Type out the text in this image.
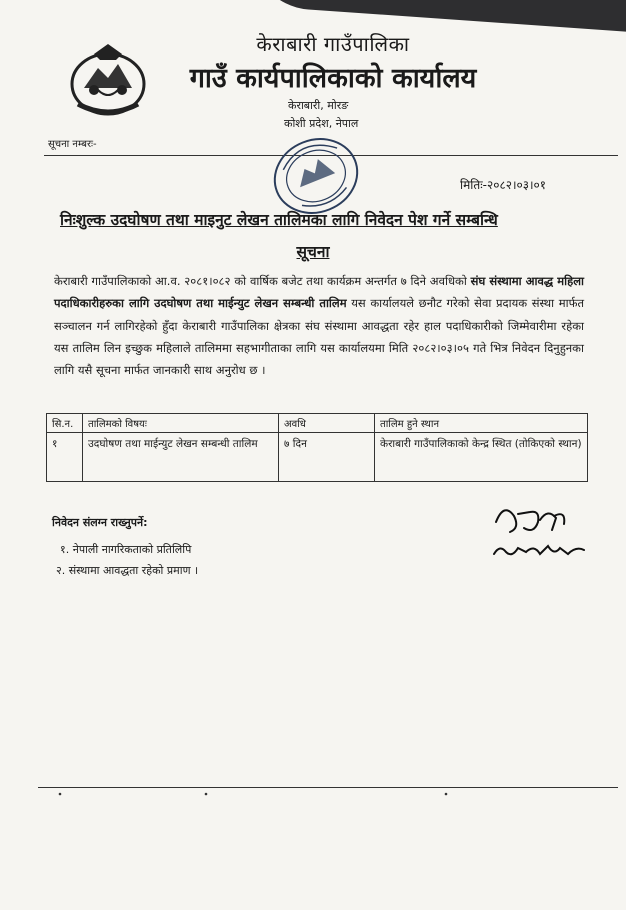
केराबारी गाउँपालिका
गाउँ कार्यपालिकाको कार्यालय
केराबारी, मोरङ
कोशी प्रदेश, नेपाल
सूचना नम्बरः-
मितिः-२०८२।०३।०१
निःशुल्क उदघोषण तथा माइनुट लेखन तालिमका लागि निवेदन पेश गर्ने सम्बन्धि
सूचना
केराबारी गाउँपालिकाको आ.व. २०८१।०८२ को वार्षिक बजेट तथा कार्यक्रम अन्तर्गत ७ दिने अवधिको संघ संस्थामा आवद्ध महिला पदाधिकारीहरुका लागि उदघोषण तथा माईन्युट लेखन सम्बन्धी तालिम यस कार्यालयले छनौट गरेको सेवा प्रदायक संस्था मार्फत सञ्चालन गर्न लागिरहेको हुँदा केराबारी गाउँपालिका क्षेत्रका संघ संस्थामा आवद्धता रहेर हाल पदाधिकारीको जिम्मेवारीमा रहेका यस तालिम लिन इच्छुक महिलाले तालिममा सहभागीताका लागि यस कार्यालयमा मिति २०८२।०३।०५ गते भित्र निवेदन दिनुहुनका लागि यसै सूचना मार्फत जानकारी साथ अनुरोध छ ।
सि.न.	तालिमको विषयः	अवधि	तालिम हुने स्थान
१	उदघोषण तथा माईन्युट लेखन सम्बन्धी तालिम	७ दिन	केराबारी गाउँपालिकाको केन्द्र स्थित (तोकिएको स्थान)
निवेदन संलग्न राख्नुपर्ने:
१. नेपाली नागरिकताको प्रतिलिपि
२. संस्थामा आवद्धता रहेको प्रमाण ।
